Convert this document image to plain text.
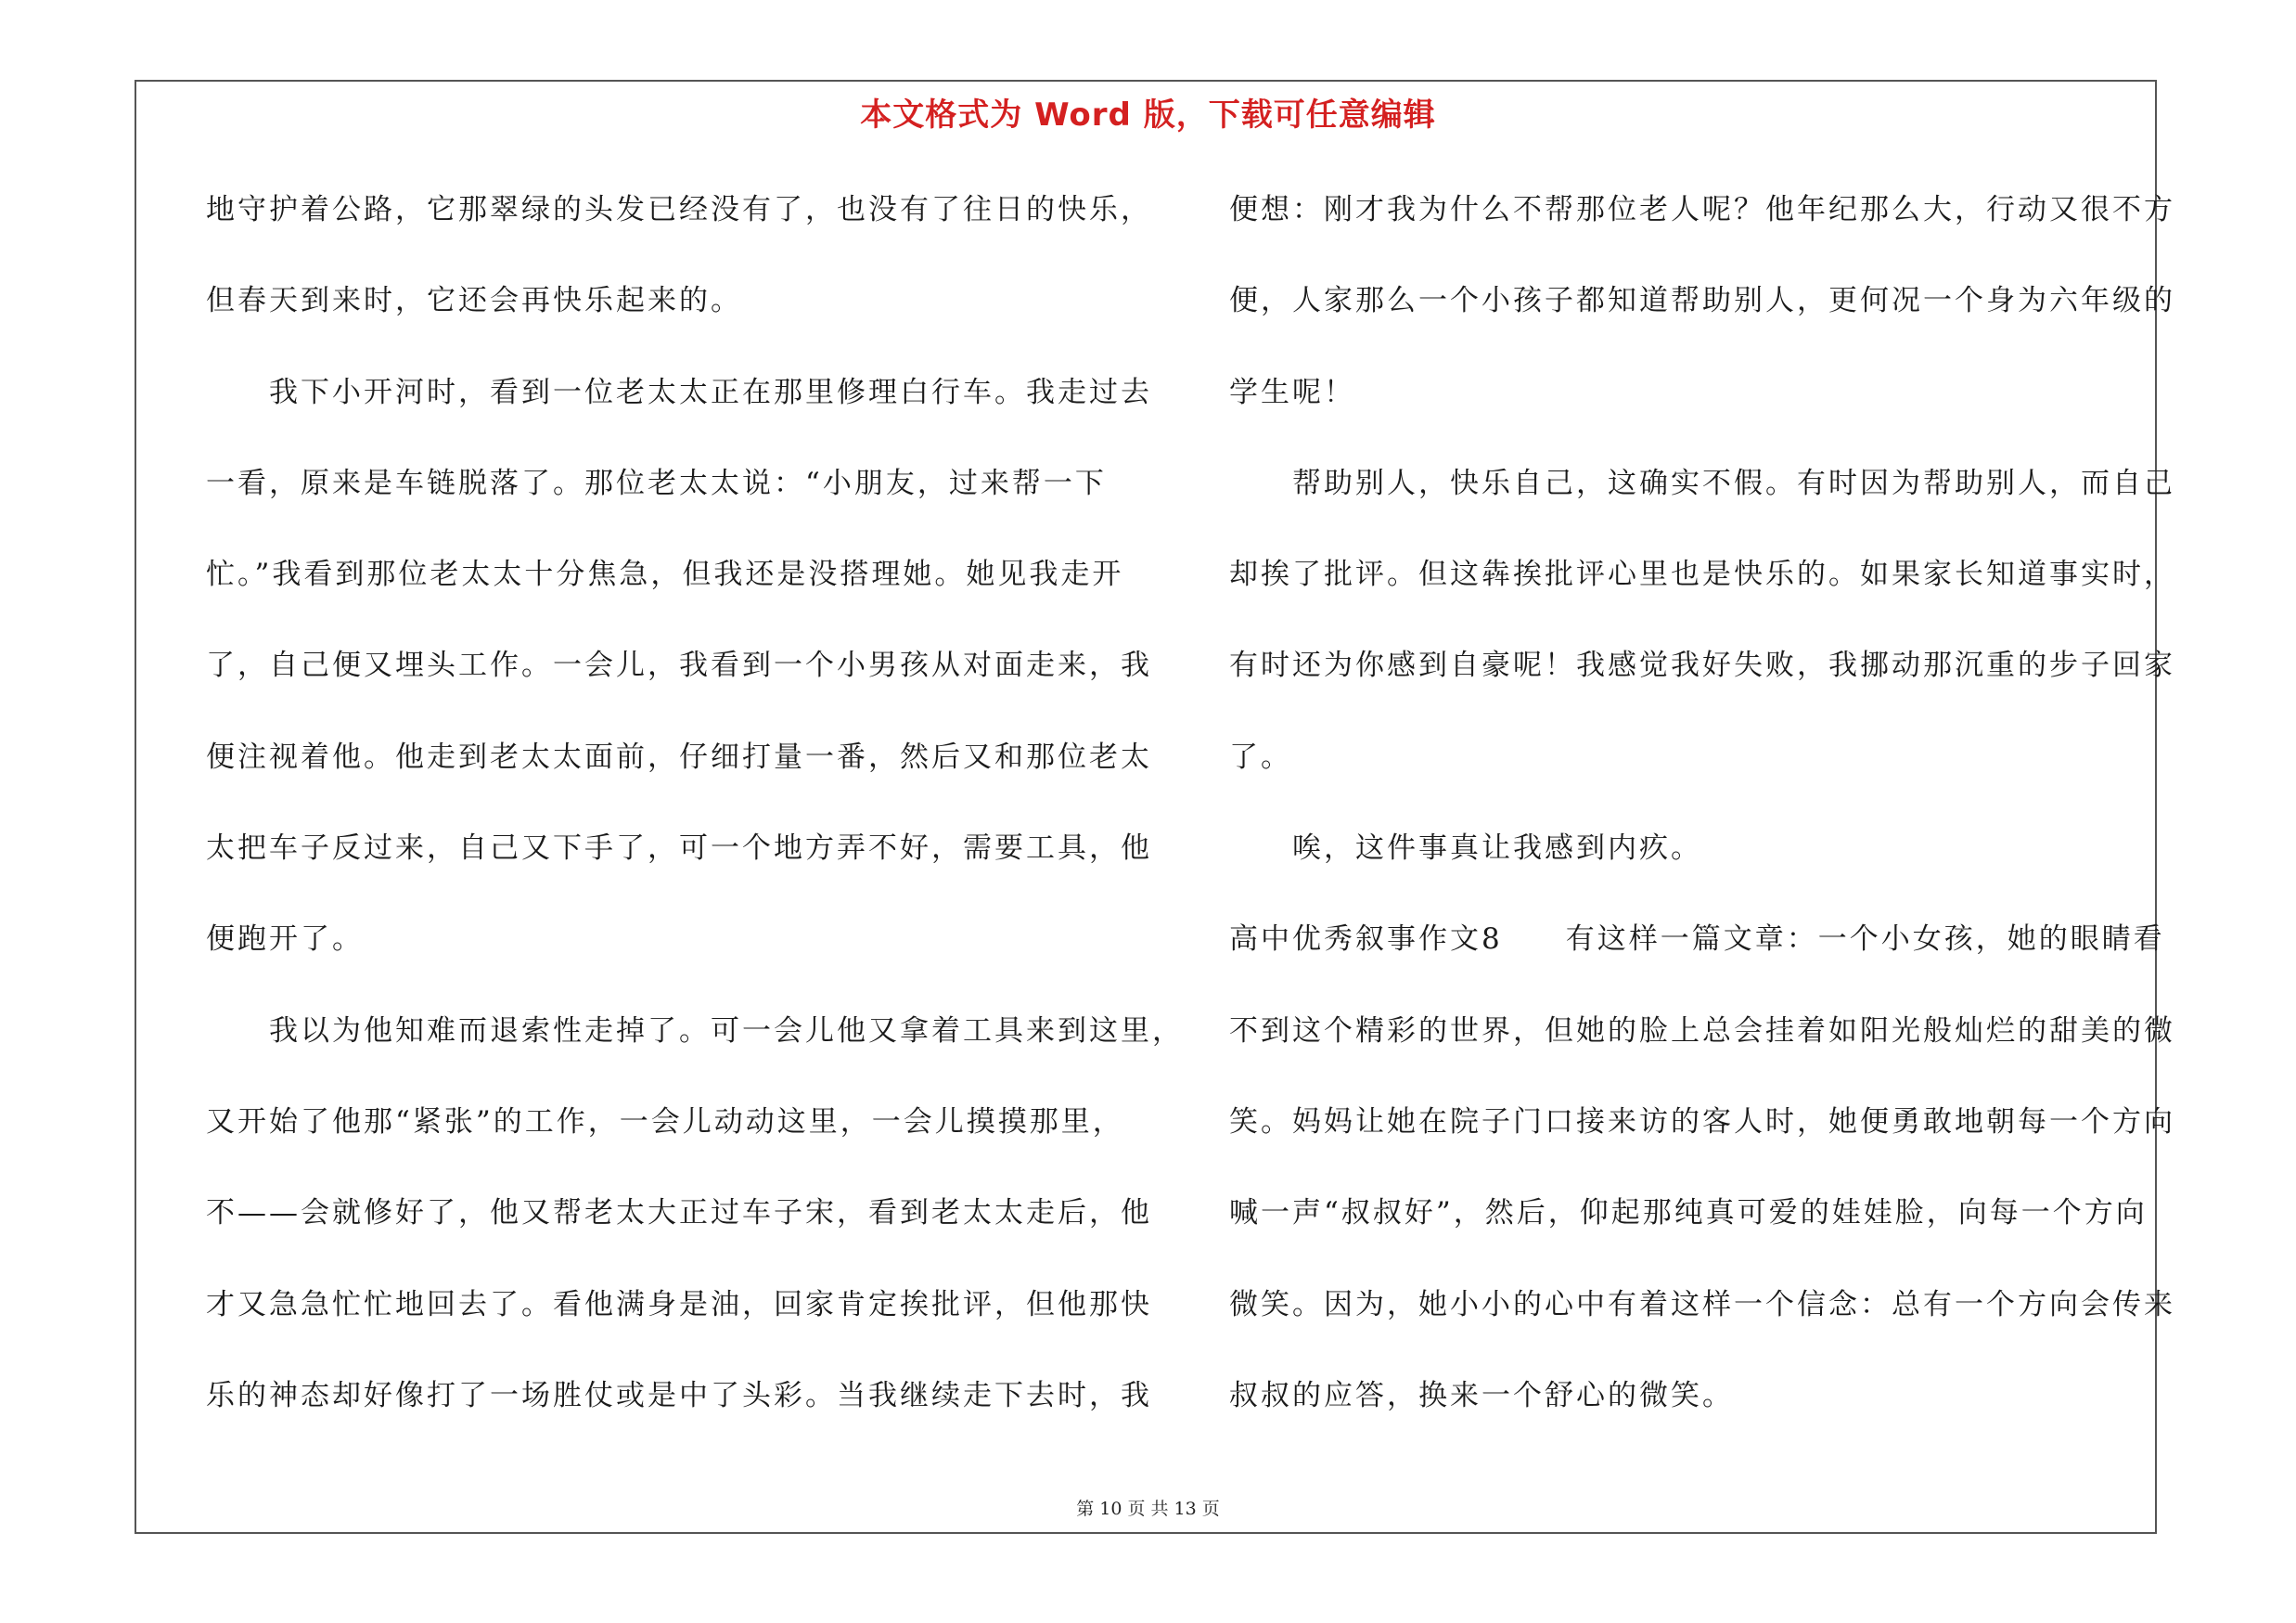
本文格式为 Word 版，下载可任意编辑
地守护着公路，它那翠绿的头发已经没有了，也没有了往日的快乐，
但春天到来时，它还会再快乐起来的。
　　我下小开河时，看到一位老太太正在那里修理白行车。我走过去
一看，原来是车链脱落了。那位老太太说：“小朋友，过来帮一下
忙。”我看到那位老太太十分焦急，但我还是没搭理她。她见我走开
了，自己便又埋头工作。一会儿，我看到一个小男孩从对面走来，我
便注视着他。他走到老太太面前，仔细打量一番，然后又和那位老太
太把车子反过来，自己又下手了，可一个地方弄不好，需要工具，他
便跑开了。
　　我以为他知难而退索性走掉了。可一会儿他又拿着工具来到这里，
又开始了他那“紧张”的工作，一会儿动动这里，一会儿摸摸那里，
不——会就修好了，他又帮老太大正过车子宋，看到老太太走后，他
才又急急忙忙地回去了。看他满身是油，回家肯定挨批评，但他那快
乐的神态却好像打了一场胜仗或是中了头彩。当我继续走下去时，我
便想：刚才我为什么不帮那位老人呢？他年纪那么大，行动又很不方
便，人家那么一个小孩子都知道帮助别人，更何况一个身为六年级的
学生呢！
　　帮助别人，快乐自己，这确实不假。有时因为帮助别人，而自己
却挨了批评。但这犇挨批评心里也是快乐的。如果家长知道事实时，
有时还为你感到自豪呢！我感觉我好失败，我挪动那沉重的步子回家
了。
　　唉，这件事真让我感到内疚。
高中优秀叙事作文8　　有这样一篇文章：一个小女孩，她的眼睛看
不到这个精彩的世界，但她的脸上总会挂着如阳光般灿烂的甜美的微
笑。妈妈让她在院子门口接来访的客人时，她便勇敢地朝每一个方向
喊一声“叔叔好”，然后，仰起那纯真可爱的娃娃脸，向每一个方向
微笑。因为，她小小的心中有着这样一个信念：总有一个方向会传来
叔叔的应答，换来一个舒心的微笑。
第 10 页 共 13 页
